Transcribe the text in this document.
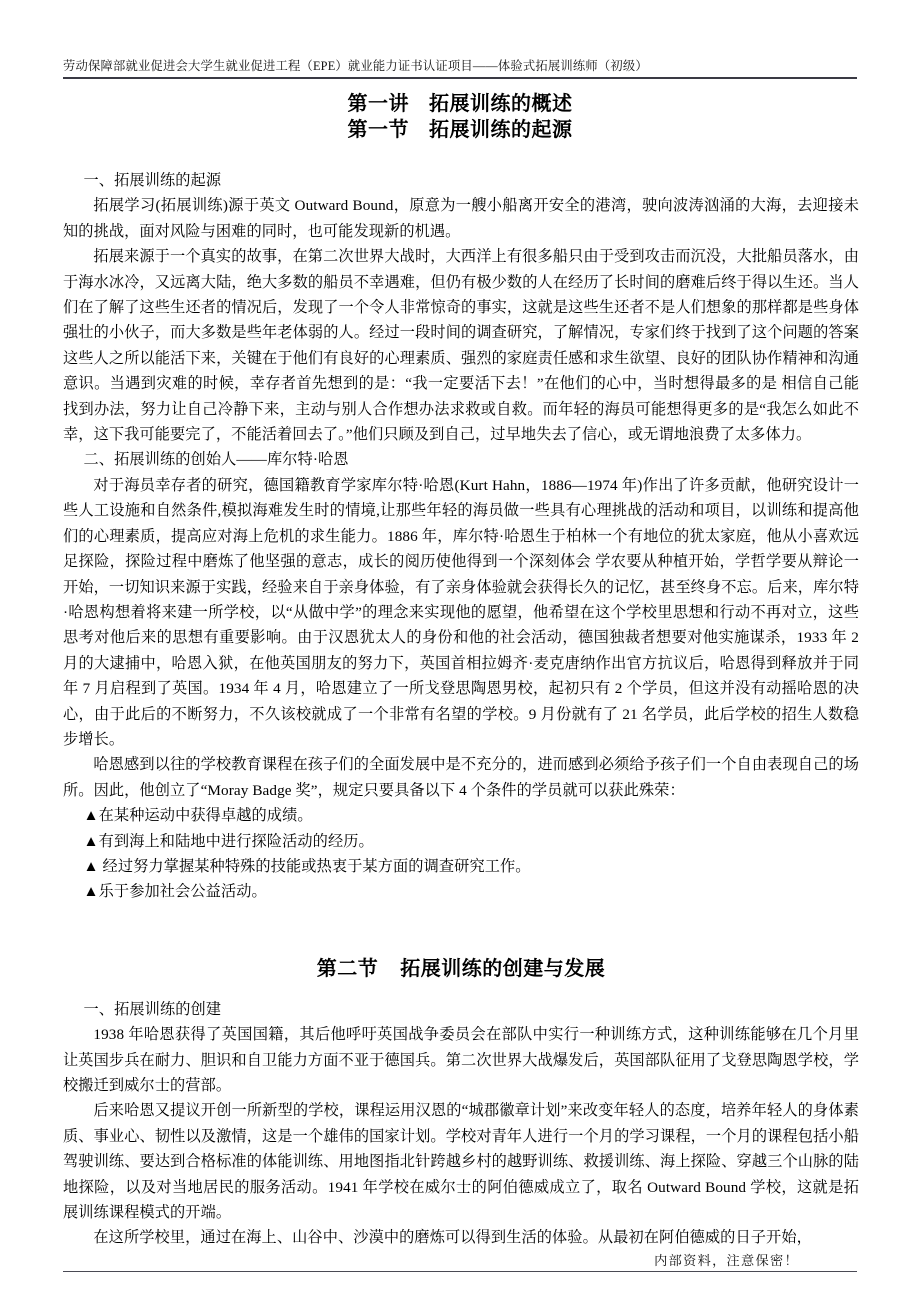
劳动保障部就业促进会大学生就业促进工程（EPE）就业能力证书认证项目——体验式拓展训练师（初级）
第一讲 拓展训练的概述
第一节 拓展训练的起源

一、拓展训练的起源

拓展学习(拓展训练)源于英文 Outward Bound，原意为一艘小船离开安全的港湾，驶向波涛汹涌的大海，去迎接未知的挑战，面对风险与困难的同时，也可能发现新的机遇。

拓展来源于一个真实的故事，在第二次世界大战时，大西洋上有很多船只由于受到攻击而沉没，大批船员落水，由于海水冰冷，又远离大陆，绝大多数的船员不幸遇难，但仍有极少数的人在经历了长时间的磨难后终于得以生还。当人们在了解了这些生还者的情况后，发现了一个令人非常惊奇的事实，这就是这些生还者不是人们想象的那样都是些身体强壮的小伙子，而大多数是些年老体弱的人。经过一段时间的调查研究，了解情况，专家们终于找到了这个问题的答案 这些人之所以能活下来，关键在于他们有良好的心理素质、强烈的家庭责任感和求生欲望、良好的团队协作精神和沟通意识。当遇到灾难的时候，幸存者首先想到的是：“我一定要活下去！”在他们的心中，当时想得最多的是 相信自己能找到办法，努力让自己冷静下来，主动与别人合作想办法求救或自救。而年轻的海员可能想得更多的是“我怎么如此不幸，这下我可能要完了，不能活着回去了。”他们只顾及到自己，过早地失去了信心，或无谓地浪费了太多体力。

二、拓展训练的创始人——库尔特·哈恩

对于海员幸存者的研究，德国籍教育学家库尔特·哈恩(Kurt Hahn，1886—1974 年)作出了许多贡献，他研究设计一些人工设施和自然条件,模拟海难发生时的情境,让那些年轻的海员做一些具有心理挑战的活动和项目，以训练和提高他们的心理素质，提高应对海上危机的求生能力。1886 年，库尔特·哈恩生于柏林一个有地位的犹太家庭，他从小喜欢远足探险，探险过程中磨炼了他坚强的意志，成长的阅历使他得到一个深刻体会 学农要从种植开始，学哲学要从辩论一开始，一切知识来源于实践，经验来自于亲身体验，有了亲身体验就会获得长久的记忆，甚至终身不忘。后来，库尔特·哈恩构想着将来建一所学校，以“从做中学”的理念来实现他的愿望，他希望在这个学校里思想和行动不再对立，这些思考对他后来的思想有重要影响。由于汉恩犹太人的身份和他的社会活动，德国独裁者想要对他实施谋杀，1933 年 2 月的大逮捕中，哈恩入狱，在他英国朋友的努力下，英国首相拉姆齐·麦克唐纳作出官方抗议后，哈恩得到释放并于同年 7 月启程到了英国。1934 年 4 月，哈恩建立了一所戈登思陶恩男校，起初只有 2 个学员，但这并没有动摇哈恩的决心，由于此后的不断努力，不久该校就成了一个非常有名望的学校。9 月份就有了 21 名学员，此后学校的招生人数稳步增长。

哈恩感到以往的学校教育课程在孩子们的全面发展中是不充分的，进而感到必须给予孩子们一个自由表现自己的场所。因此，他创立了“Moray Badge 奖”，规定只要具备以下 4 个条件的学员就可以获此殊荣：

▲在某种运动中获得卓越的成绩。

▲有到海上和陆地中进行探险活动的经历。

▲ 经过努力掌握某种特殊的技能或热衷于某方面的调查研究工作。

▲乐于参加社会公益活动。

第二节 拓展训练的创建与发展

一、拓展训练的创建

1938 年哈恩获得了英国国籍，其后他呼吁英国战争委员会在部队中实行一种训练方式，这种训练能够在几个月里让英国步兵在耐力、胆识和自卫能力方面不亚于德国兵。第二次世界大战爆发后，英国部队征用了戈登思陶恩学校，学校搬迁到威尔士的营部。

后来哈恩又提议开创一所新型的学校，课程运用汉恩的“城郡徽章计划”来改变年轻人的态度，培养年轻人的身体素质、事业心、韧性以及激情，这是一个雄伟的国家计划。学校对青年人进行一个月的学习课程，一个月的课程包括小船驾驶训练、要达到合格标准的体能训练、用地图指北针跨越乡村的越野训练、救援训练、海上探险、穿越三个山脉的陆地探险，以及对当地居民的服务活动。1941 年学校在威尔士的阿伯德威成立了，取名 Outward Bound 学校，这就是拓展训练课程模式的开端。

在这所学校里，通过在海上、山谷中、沙漠中的磨炼可以得到生活的体验。从最初在阿伯德威的日子开始，

内部资料，注意保密！
